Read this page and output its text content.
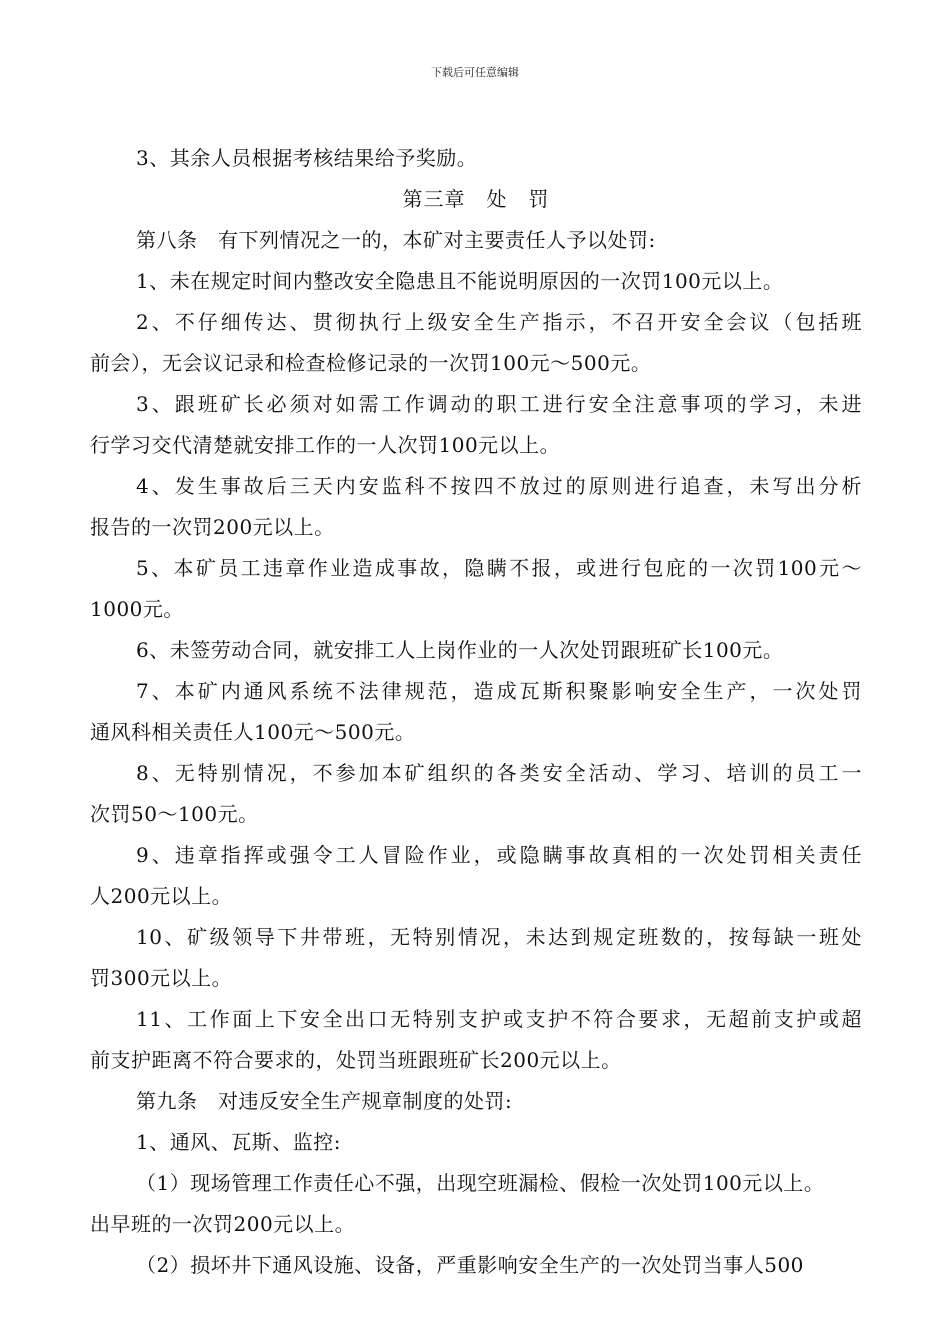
下载后可任意编辑
3、其余人员根据考核结果给予奖励。
第三章　处　罚
第八条　有下列情况之一的，本矿对主要责任人予以处罚:
1、未在规定时间内整改安全隐患且不能说明原因的一次罚100元以上。
2、不仔细传达、贯彻执行上级安全生产指示，不召开安全会议（包括班
前会），无会议记录和检查检修记录的一次罚100元～500元。
3、跟班矿长必须对如需工作调动的职工进行安全注意事项的学习，未进
行学习交代清楚就安排工作的一人次罚100元以上。
4、发生事故后三天内安监科不按四不放过的原则进行追查，未写出分析
报告的一次罚200元以上。
5、本矿员工违章作业造成事故，隐瞒不报，或进行包庇的一次罚100元～
1000元。
6、未签劳动合同，就安排工人上岗作业的一人次处罚跟班矿长100元。
7、本矿内通风系统不法律规范，造成瓦斯积聚影响安全生产，一次处罚
通风科相关责任人100元～500元。
8、无特别情况，不参加本矿组织的各类安全活动、学习、培训的员工一
次罚50～100元。
9、违章指挥或强令工人冒险作业，或隐瞒事故真相的一次处罚相关责任
人200元以上。
10、矿级领导下井带班，无特别情况，未达到规定班数的，按每缺一班处
罚300元以上。
11、工作面上下安全出口无特别支护或支护不符合要求，无超前支护或超
前支护距离不符合要求的，处罚当班跟班矿长200元以上。
第九条　对违反安全生产规章制度的处罚:
1、通风、瓦斯、监控:
（1）现场管理工作责任心不强，出现空班漏检、假检一次处罚100元以上。
出早班的一次罚200元以上。
（2）损坏井下通风设施、设备，严重影响安全生产的一次处罚当事人500
